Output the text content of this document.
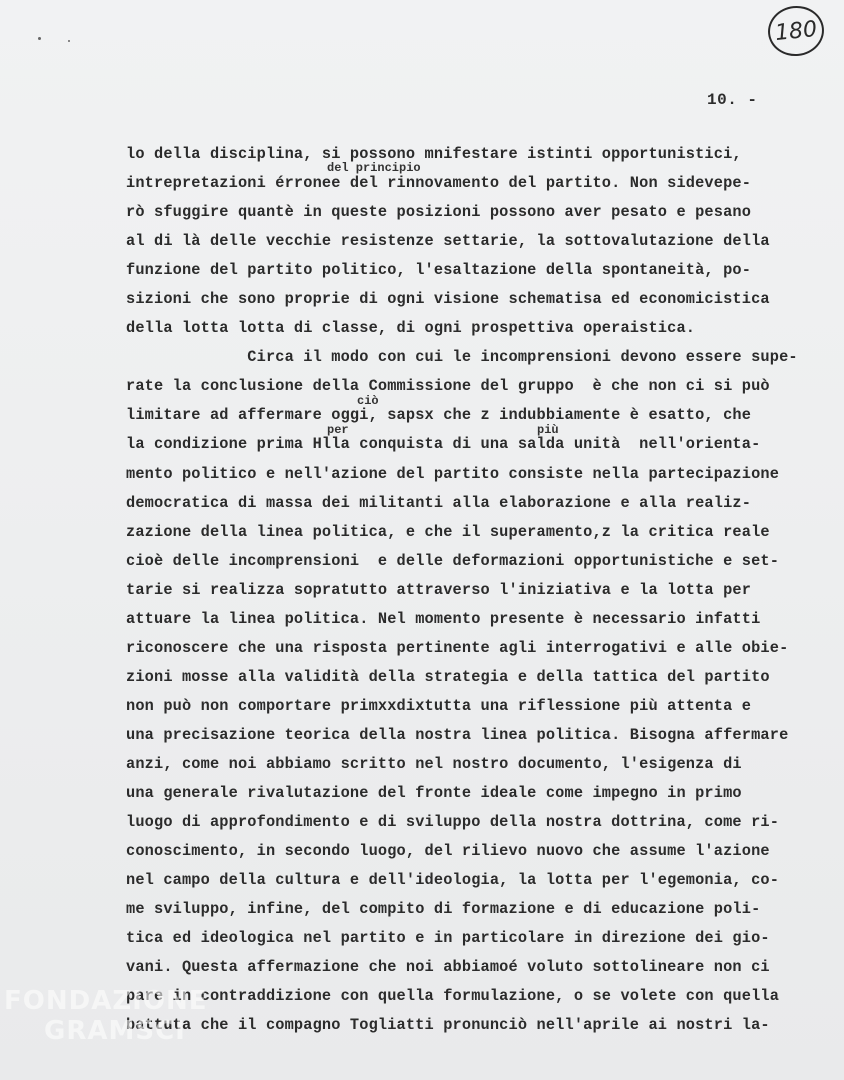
180
10. -
del principio
ciò
per	più
lo della disciplina, si possono mnifestare istinti opportunistici,
intrepretazioni érronee del rinnovamento del partito. Non sidevepe-
rò sfuggire quantè in queste posizioni possono aver pesato e pesano
al di là delle vecchie resistenze settarie, la sottovalutazione della
funzione del partito politico, l'esaltazione della spontaneità, po-
sizioni che sono proprie di ogni visione schematisa ed economicistica
della lotta lotta di classe, di ogni prospettiva operaistica.
Circa il modo con cui le incomprensioni devono essere supe-
rate la conclusione della Commissione del gruppo  è che non ci si può
limitare ad affermare oggi, sapsx che z indubbiamente è esatto, che
la condizione prima Hlla conquista di una salda unità  nell'orienta-
mento politico e nell'azione del partito consiste nella partecipazione
democratica di massa dei militanti alla elaborazione e alla realiz-
zazione della linea politica, e che il superamento,z la critica reale
cioè delle incomprensioni  e delle deformazioni opportunistiche e set-
tarie si realizza sopratutto attraverso l'iniziativa e la lotta per
attuare la linea politica. Nel momento presente è necessario infatti
riconoscere che una risposta pertinente agli interrogativi e alle obie-
zioni mosse alla validità della strategia e della tattica del partito
non può non comportare primxxdixtutta una riflessione più attenta e
una precisazione teorica della nostra linea politica. Bisogna affermare
anzi, come noi abbiamo scritto nel nostro documento, l'esigenza di
una generale rivalutazione del fronte ideale come impegno in primo
luogo di approfondimento e di sviluppo della nostra dottrina, come ri-
conoscimento, in secondo luogo, del rilievo nuovo che assume l'azione
nel campo della cultura e dell'ideologia, la lotta per l'egemonia, co-
me sviluppo, infine, del compito di formazione e di educazione poli-
tica ed ideologica nel partito e in particolare in direzione dei gio-
vani. Questa affermazione che noi abbiamoé voluto sottolineare non ci
pare in contraddizione con quella formulazione, o se volete con quella
battuta che il compagno Togliatti pronunciò nell'aprile ai nostri la-
FONDAZIONE
GRAMSCI
